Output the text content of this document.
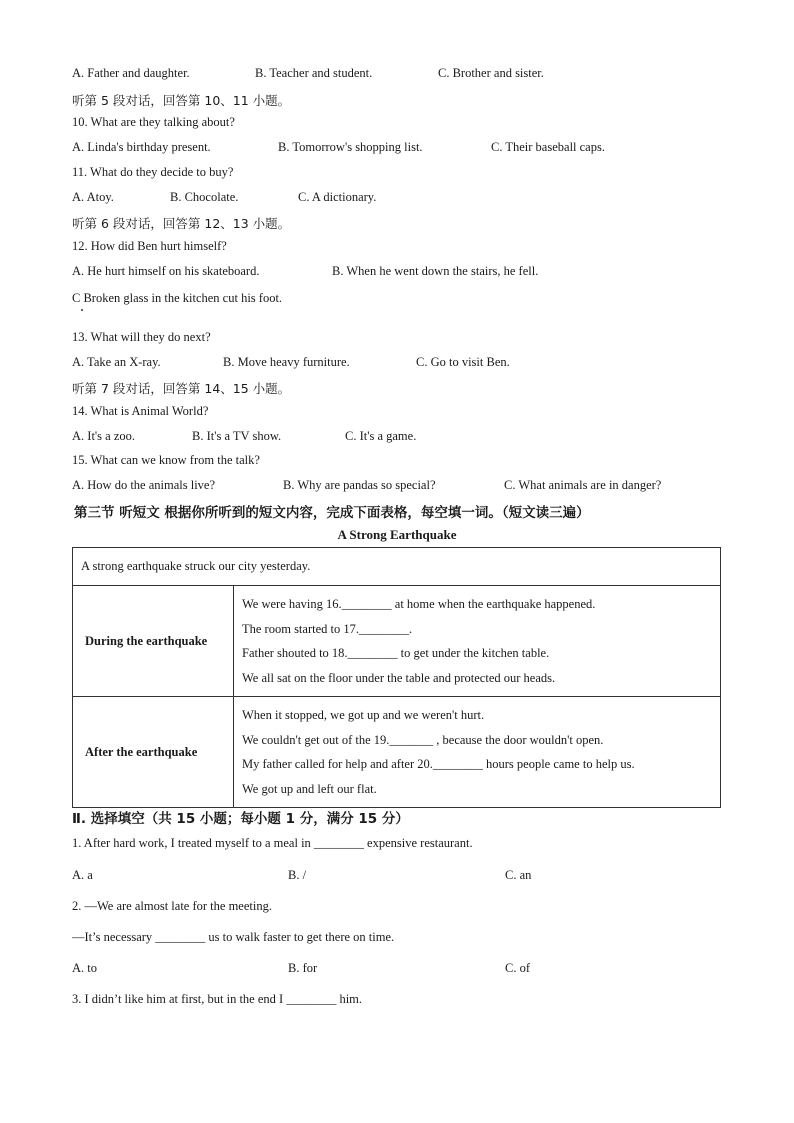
A. Father and daughter.	B. Teacher and student.	C. Brother and sister.
听第 5 段对话，回答第 10、11 小题。
10. What are they talking about?
A. Linda's birthday present.	B. Tomorrow's shopping list.	C. Their baseball caps.
11. What do they decide to buy?
A. Atoy.	B. Chocolate.	C. A dictionary.
听第 6 段对话，回答第 12、13 小题。
12. How did Ben hurt himself?
A. He hurt himself on his skateboard.	B. When he went down the stairs, he fell.
C Broken glass in the kitchen cut his foot.
13. What will they do next?
A. Take an X-ray.	B. Move heavy furniture.	C. Go to visit Ben.
听第 7 段对话，回答第 14、15 小题。
14. What is Animal World?
A. It's a zoo.	B. It's a TV show.	C. It's a game.
15. What can we know from the talk?
A. How do the animals live?	B. Why are pandas so special?	C. What animals are in danger?
第三节 听短文 根据你所听到的短文内容，完成下面表格，每空填一词。（短文读三遍）
A Strong Earthquake
A strong earthquake struck our city yesterday.	
During the earthquake	We were having 16.________ at home when the earthquake happened.
The room started to 17.________.
Father shouted to 18.________ to get under the kitchen table.
We all sat on the floor under the table and protected our heads.

After the earthquake	When it stopped, we got up and we weren't hurt.
We couldn't get out of the 19._______ , because the door wouldn't open.
My father called for help and after 20.________ hours people came to help us.
We got up and left our flat.
Ⅱ. 选择填空（共 15 小题；每小题 1 分，满分 15 分）
1. After hard work, I treated myself to a meal in ________ expensive restaurant.
A. a	B. /	C. an
2. —We are almost late for the meeting.
—It’s necessary ________ us to walk faster to get there on time.
A. to	B. for	C. of
3. I didn’t like him at first, but in the end I ________ him.
